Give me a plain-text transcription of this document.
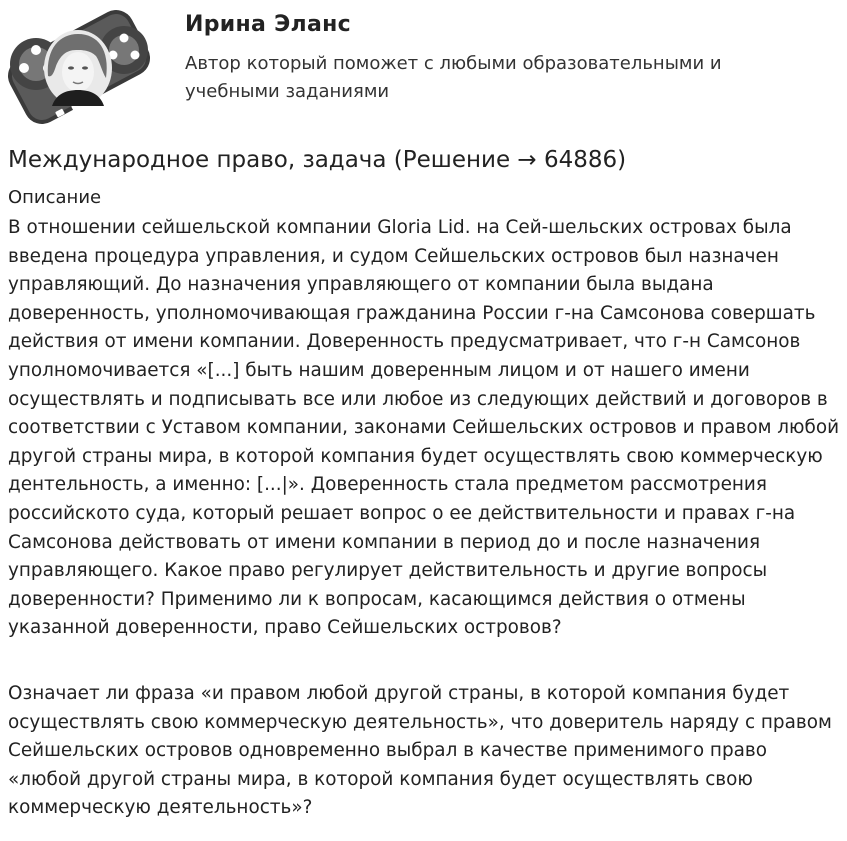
Ирина Эланс

Автор который поможет с любыми образовательными и учебными заданиями

Международное право, задача (Решение → 64886)
Описание

В отношении сейшельской компании Gloria Lid. на Сей-шельских островах была введена процедура управления, и судом Сейшельских островов был назначен управляющий. До назначения управляющего от компании была выдана доверенность, уполномочивающая гражданина России г-на Самсонова совершать действия от имени компании. Доверенность предусматривает, что г-н Самсонов уполномочивается «[...] быть нашим доверенным лицом и от нашего имени осуществлять и подписывать все или любое из следующих действий и договоров в соответствии с Уставом компании, законами Сейшельских островов и правом любой другой страны мира, в которой компания будет осуществлять свою коммерческую дентельность, а именно: [...|». Доверенность стала предметом рассмотрения российското суда, который решает вопрос о ее действительности и правах г-на Самсонова действовать от имени компании в период до и после назначения управляющего. Какое право регулирует действительность и другие вопросы доверенности? Применимо ли к вопросам, касающимся действия о отмены указанной доверенности, право Сейшельских островов?

Означает ли фраза «и правом любой другой страны, в которой компания будет осуществлять свою коммерческую деятельность», что доверитель наряду с правом Сейшельских островов одновременно выбрал в качестве применимого право «любой другой страны мира, в которой компания будет осуществлять свою коммерческую деятельность»?
